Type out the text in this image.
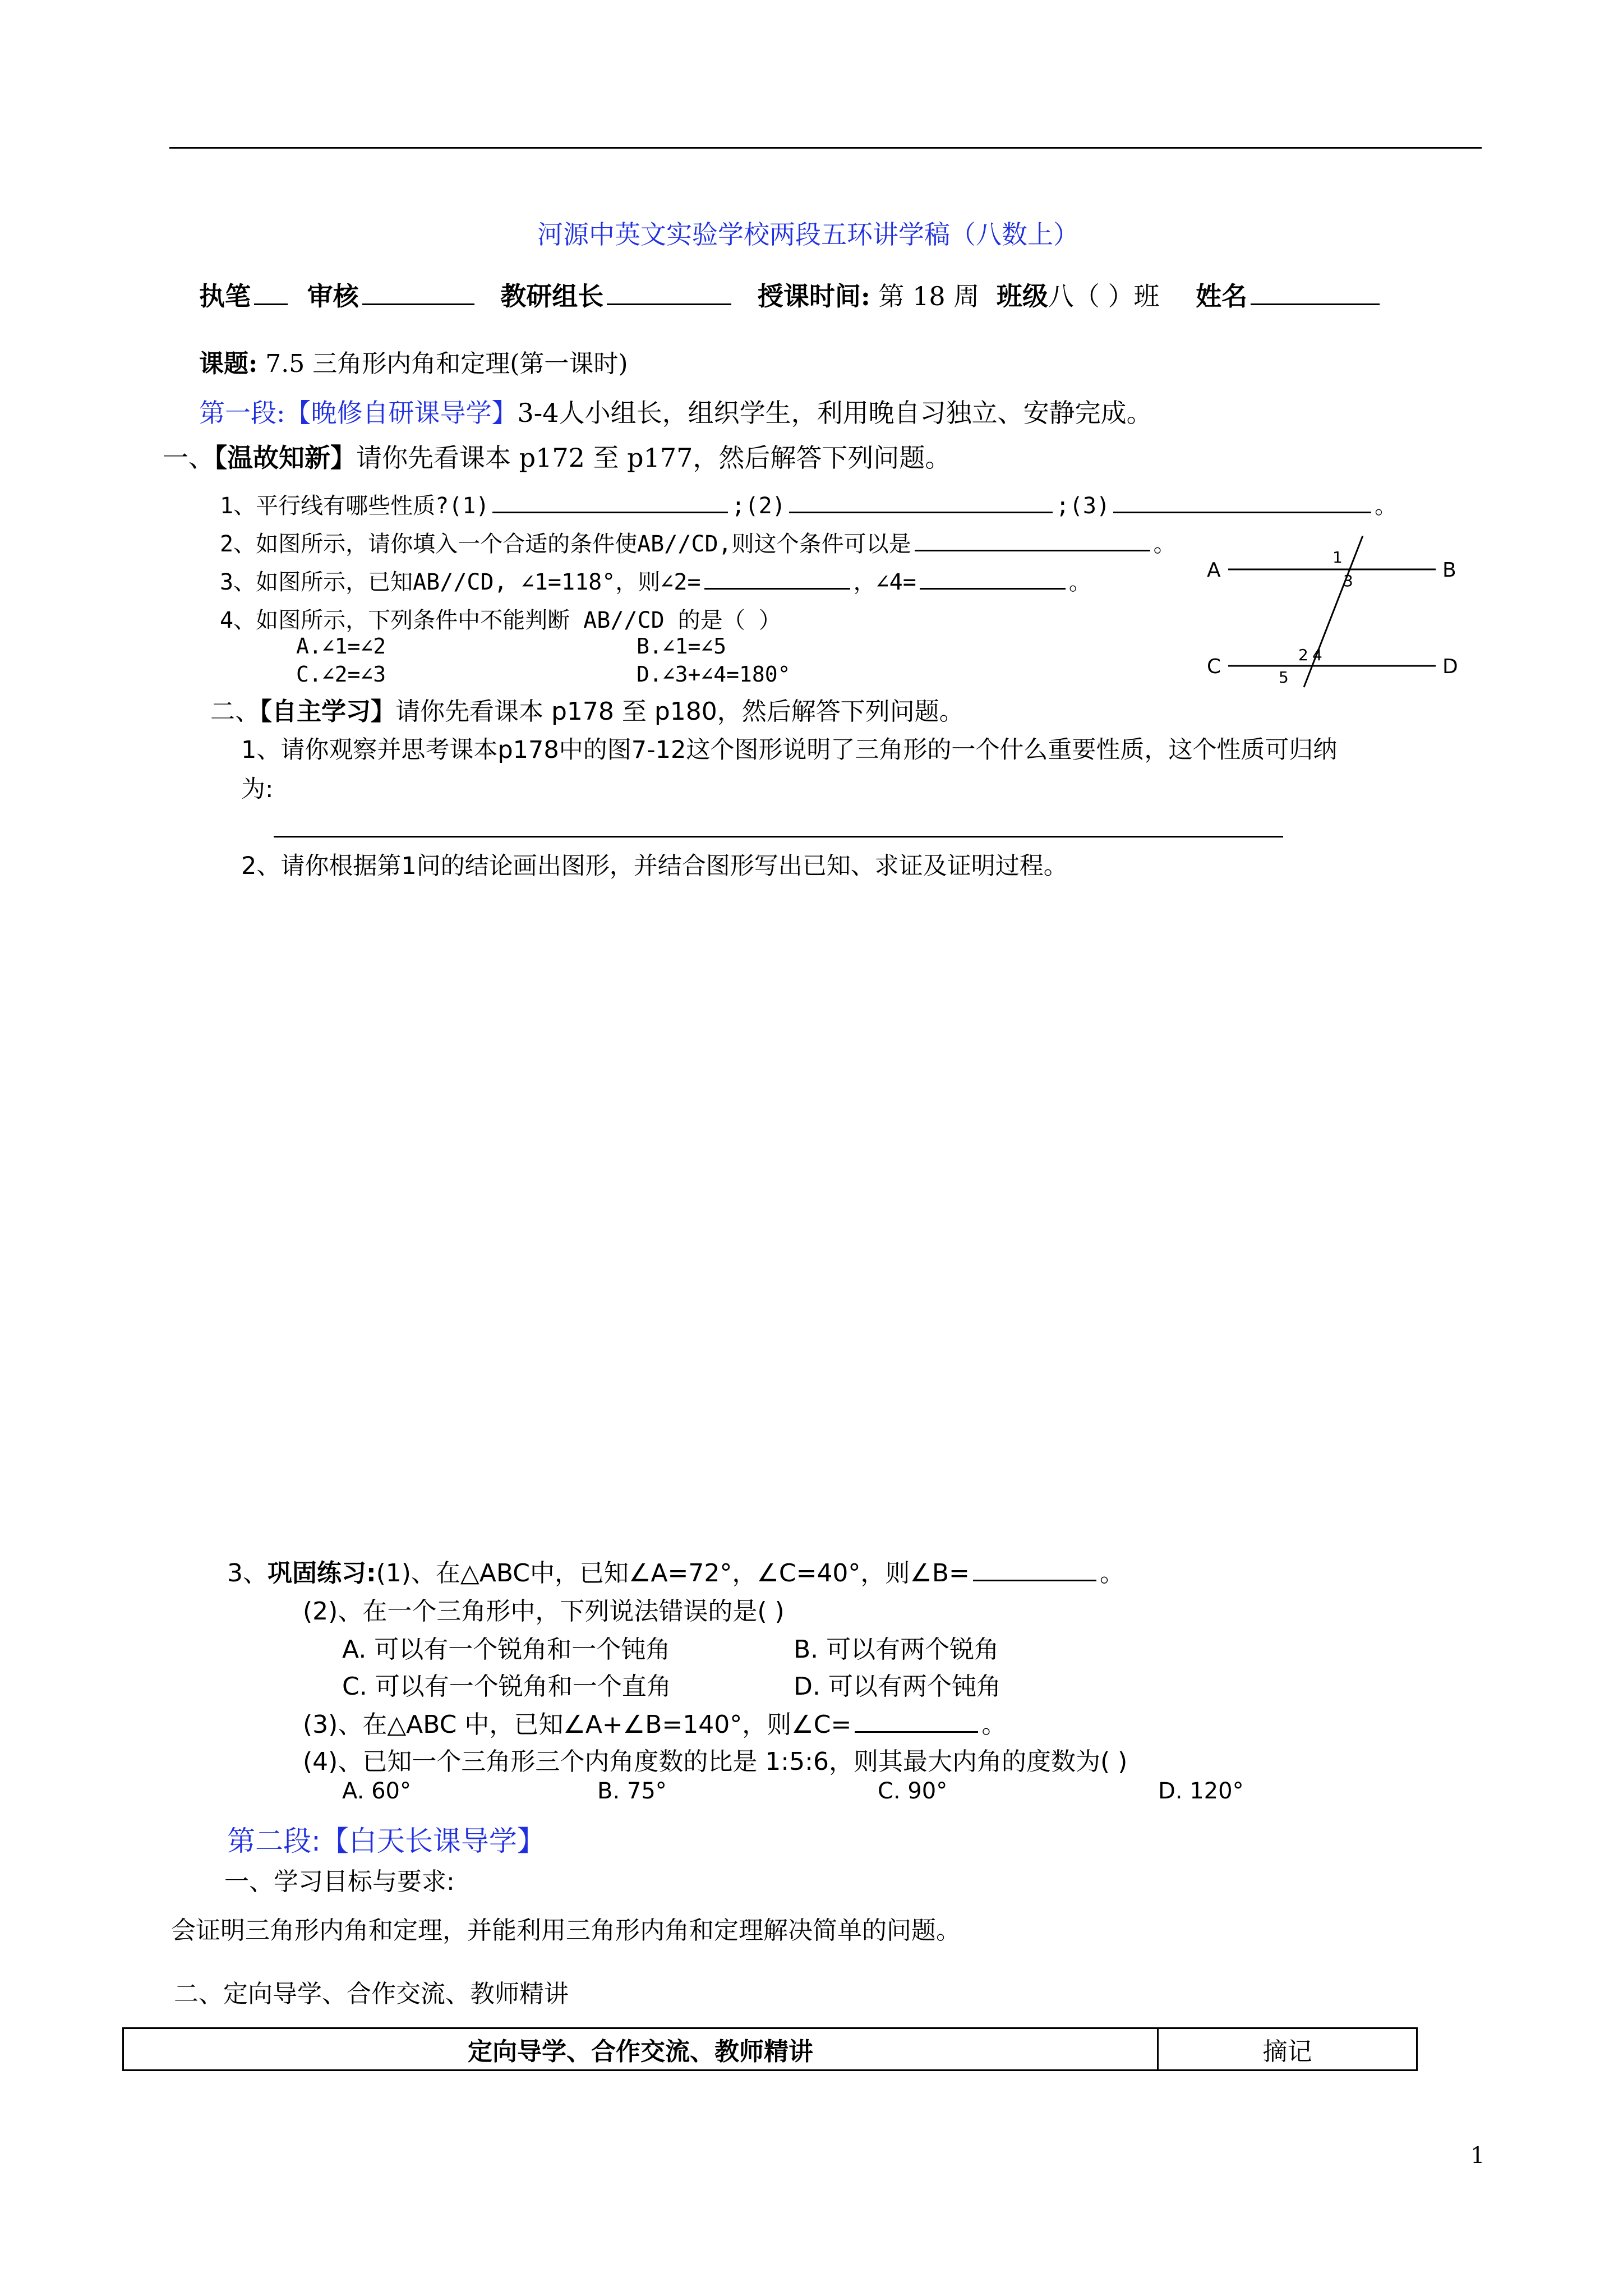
河源中英文实验学校两段五环讲学稿（八数上）
执笔 审核	教研组长	授课时间: 第 18 周 班级八（ ）班 姓名
课题: 7.5 三角形内角和定理(第一课时)
第一段:【晚修自研课导学】3-4人小组长，组织学生，利用晚自习独立、安静完成。
一、【温故知新】请你先看课本 p172 至 p177，然后解答下列问题。
1、平行线有哪些性质?(1)	;(2)	;(3)	。
2、如图所示，请你填入一个合适的条件使AB//CD,则这个条件可以是	。
3、如图所示，已知AB//CD, ∠1=118°，则∠2=	，∠4=	。
4、如图所示，下列条件中不能判断 AB//CD 的是（ ）
A.∠1=∠2	B.∠1=∠5
C.∠2=∠3	D.∠3+∠4=180°
A	B
C	D
1
3
2 4
5
二、【自主学习】请你先看课本 p178 至 p180，然后解答下列问题。
1、请你观察并思考课本p178中的图7-12这个图形说明了三角形的一个什么重要性质，这个性质可归纳
为:
2、请你根据第1问的结论画出图形，并结合图形写出已知、求证及证明过程。
3、巩固练习:(1)、在△ABC中，已知∠A=72°，∠C=40°，则∠B=	。
(2)、在一个三角形中，下列说法错误的是( )
A. 可以有一个锐角和一个钝角	B. 可以有两个锐角
C. 可以有一个锐角和一个直角	D. 可以有两个钝角
(3)、在△ABC 中，已知∠A+∠B=140°，则∠C=	。
(4)、已知一个三角形三个内角度数的比是 1:5:6，则其最大内角的度数为( )
A. 60°	B. 75°	C. 90°	D. 120°
第二段:【白天长课导学】
一、学习目标与要求:
会证明三角形内角和定理，并能利用三角形内角和定理解决简单的问题。
二、定向导学、合作交流、教师精讲
定向导学、合作交流、教师精讲	摘记
1
